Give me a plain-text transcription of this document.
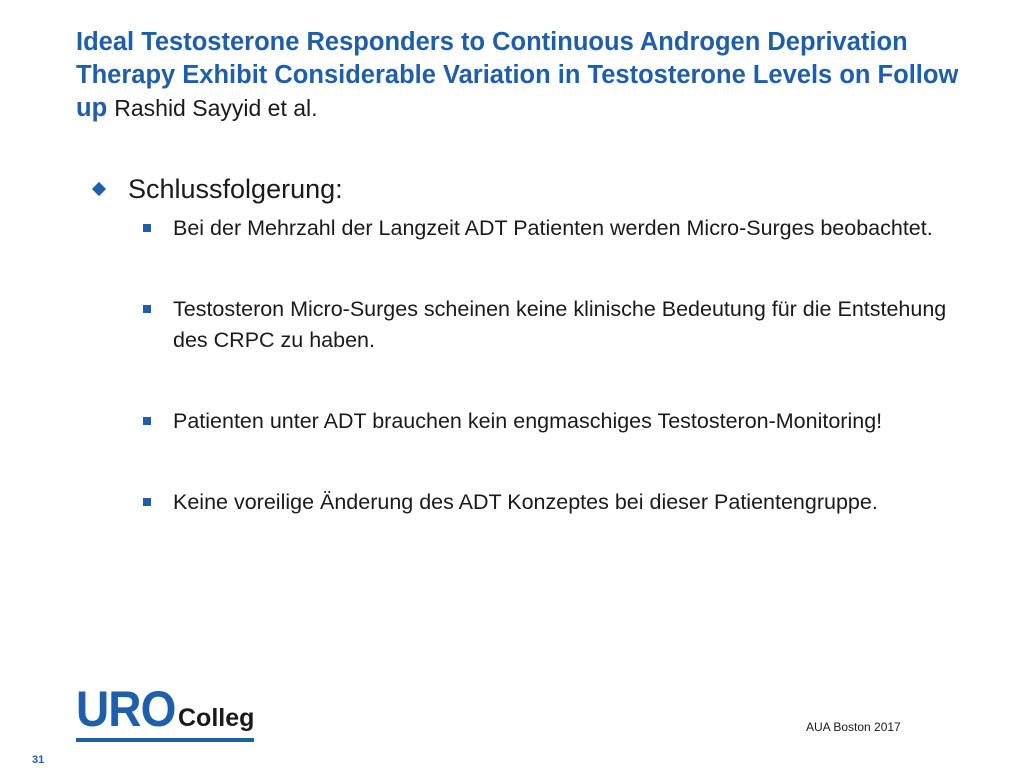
Ideal Testosterone Responders to Continuous Androgen Deprivation Therapy Exhibit Considerable Variation in Testosterone Levels on Follow up Rashid Sayyid et al.
Schlussfolgerung:
Bei der Mehrzahl der Langzeit ADT Patienten werden Micro-Surges beobachtet.
Testosteron Micro-Surges scheinen keine klinische Bedeutung für die Entstehung des CRPC zu haben.
Patienten unter ADT brauchen kein engmaschiges Testosteron-Monitoring!
Keine voreilige Änderung des ADT Konzeptes bei dieser Patientengruppe.
URO Colleg	AUA Boston 2017
31
